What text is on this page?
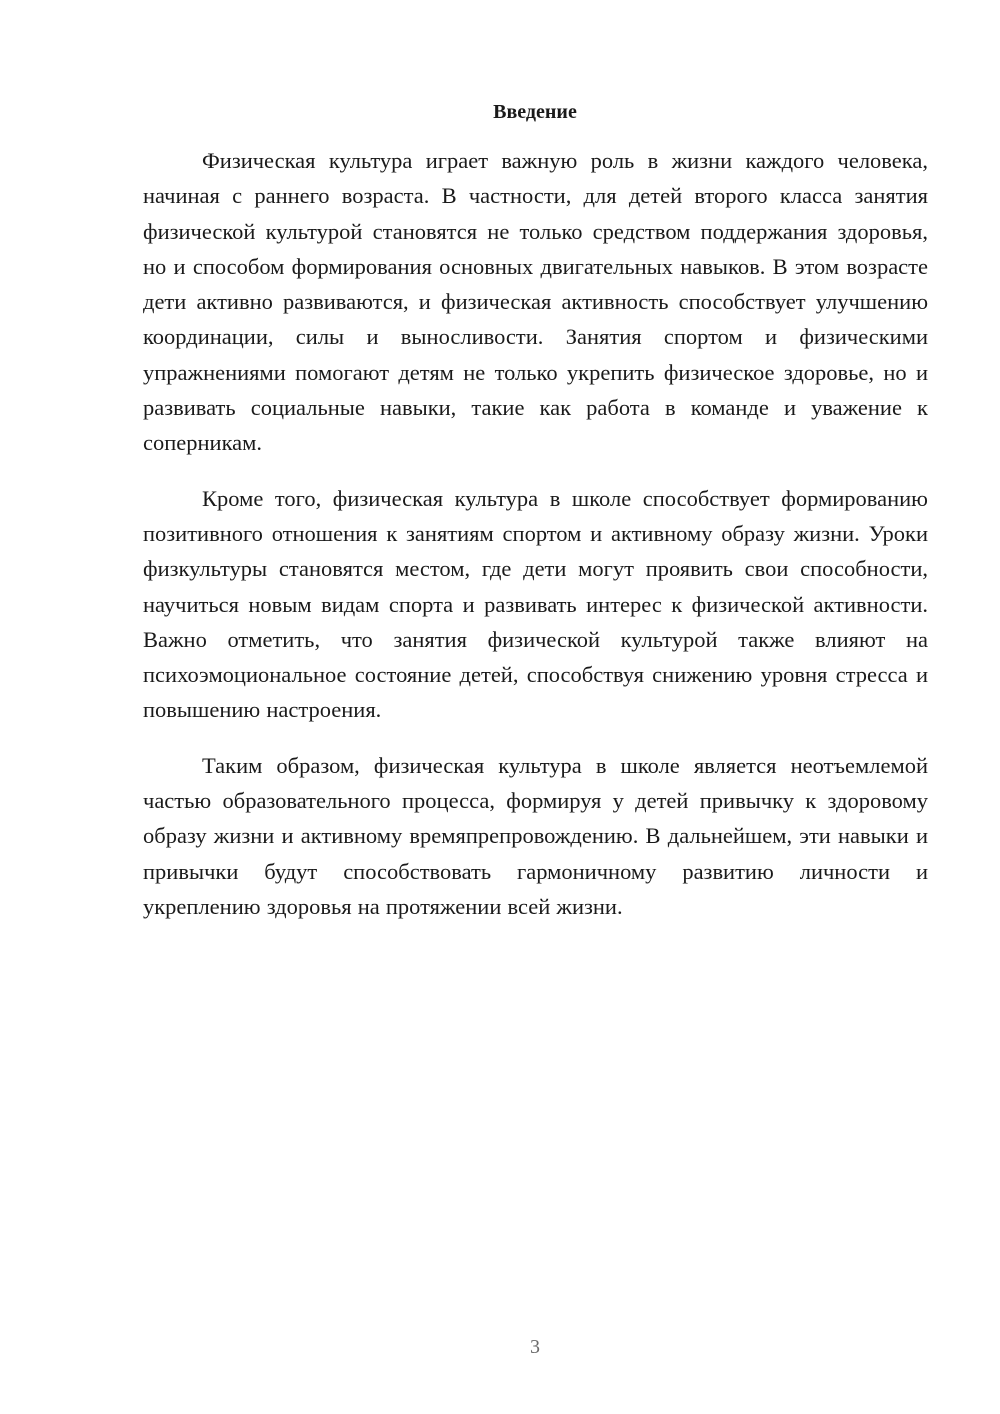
Введение

Физическая культура играет важную роль в жизни каждого человека, начиная с раннего возраста. В частности, для детей второго класса занятия физической культурой становятся не только средством поддержания здоровья, но и способом формирования основных двигательных навыков. В этом возрасте дети активно развиваются, и физическая активность способствует улучшению координации, силы и выносливости. Занятия спортом и физическими упражнениями помогают детям не только укрепить физическое здоровье, но и развивать социальные навыки, такие как работа в команде и уважение к соперникам.

Кроме того, физическая культура в школе способствует формированию позитивного отношения к занятиям спортом и активному образу жизни. Уроки физкультуры становятся местом, где дети могут проявить свои способности, научиться новым видам спорта и развивать интерес к физической активности. Важно отметить, что занятия физической культурой также влияют на психоэмоциональное состояние детей, способствуя снижению уровня стресса и повышению настроения.

Таким образом, физическая культура в школе является неотъемлемой частью образовательного процесса, формируя у детей привычку к здоровому образу жизни и активному времяпрепровождению. В дальнейшем, эти навыки и привычки будут способствовать гармоничному развитию личности и укреплению здоровья на протяжении всей жизни.

3
